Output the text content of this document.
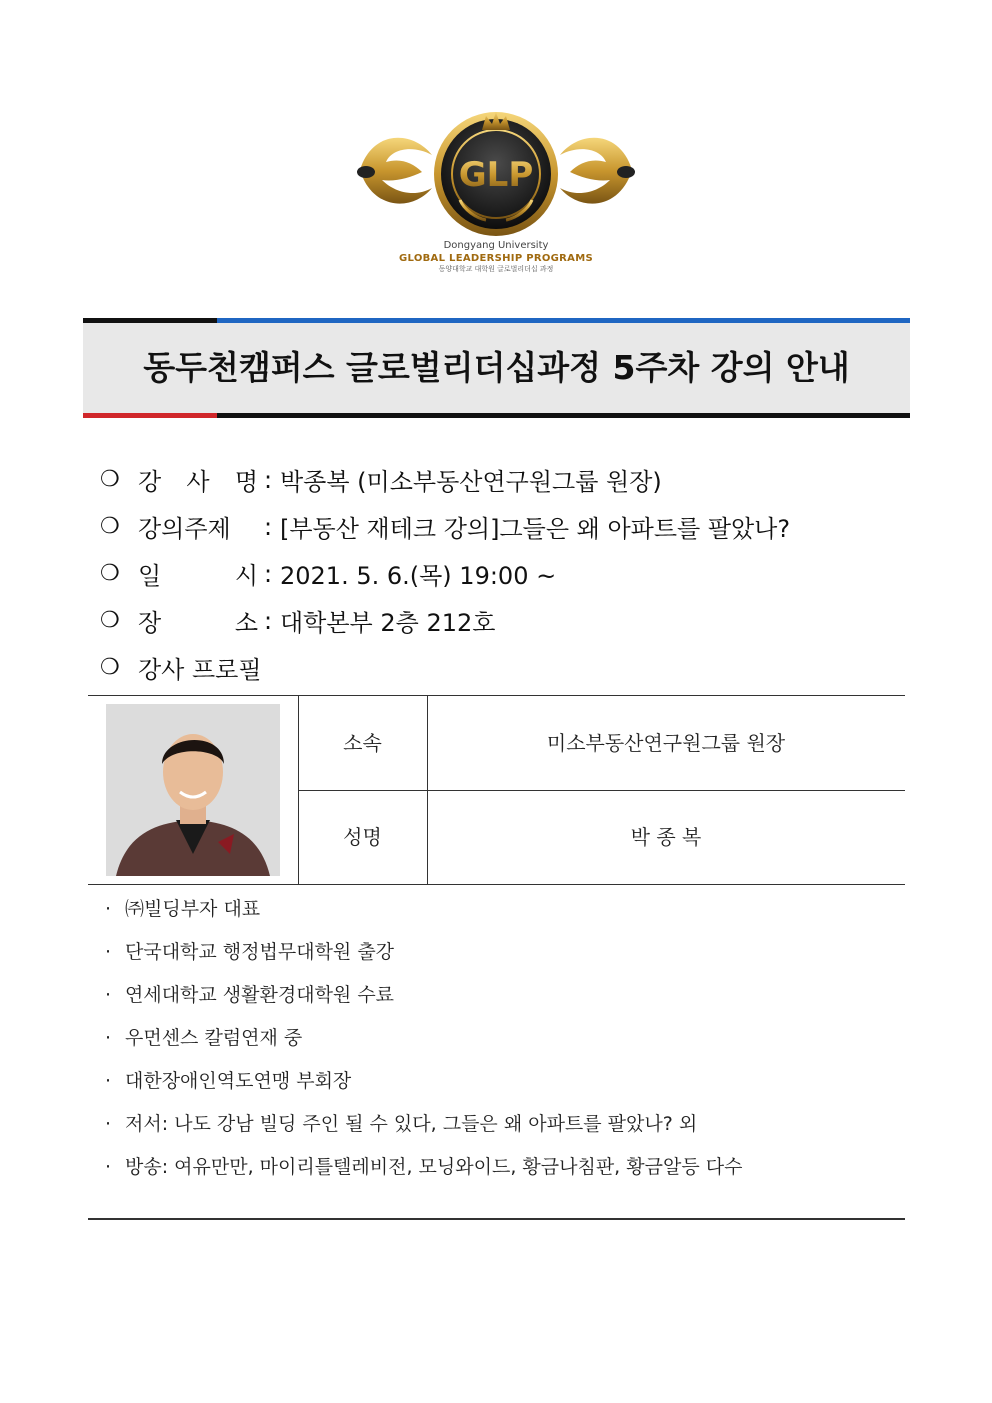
GLP
Dongyang University
GLOBAL LEADERSHIP PROGRAMS
동양대학교 대학원 글로벌리더십 과정
동두천캠퍼스 글로벌리더십과정 5주차 강의 안내
❍ 강 사 명 : 박종복 (미소부동산연구원그룹 원장)
❍ 강의주제 : [부동산 재테크 강의]그들은 왜 아파트를 팔았나?
❍ 일	시 : 2021. 5. 6.(목) 19:00 ~
❍ 장	소 : 대학본부 2층 212호
❍ 강사 프로필
소속	미소부동산연구원그룹 원장
성명	박 종 복
· ㈜빌딩부자 대표
· 단국대학교 행정법무대학원 출강
· 연세대학교 생활환경대학원 수료
· 우먼센스 칼럼연재 중
· 대한장애인역도연맹 부회장
· 저서: 나도 강남 빌딩 주인 될 수 있다, 그들은 왜 아파트를 팔았나? 외
· 방송: 여유만만, 마이리틀텔레비전, 모닝와이드, 황금나침판, 황금알등 다수
